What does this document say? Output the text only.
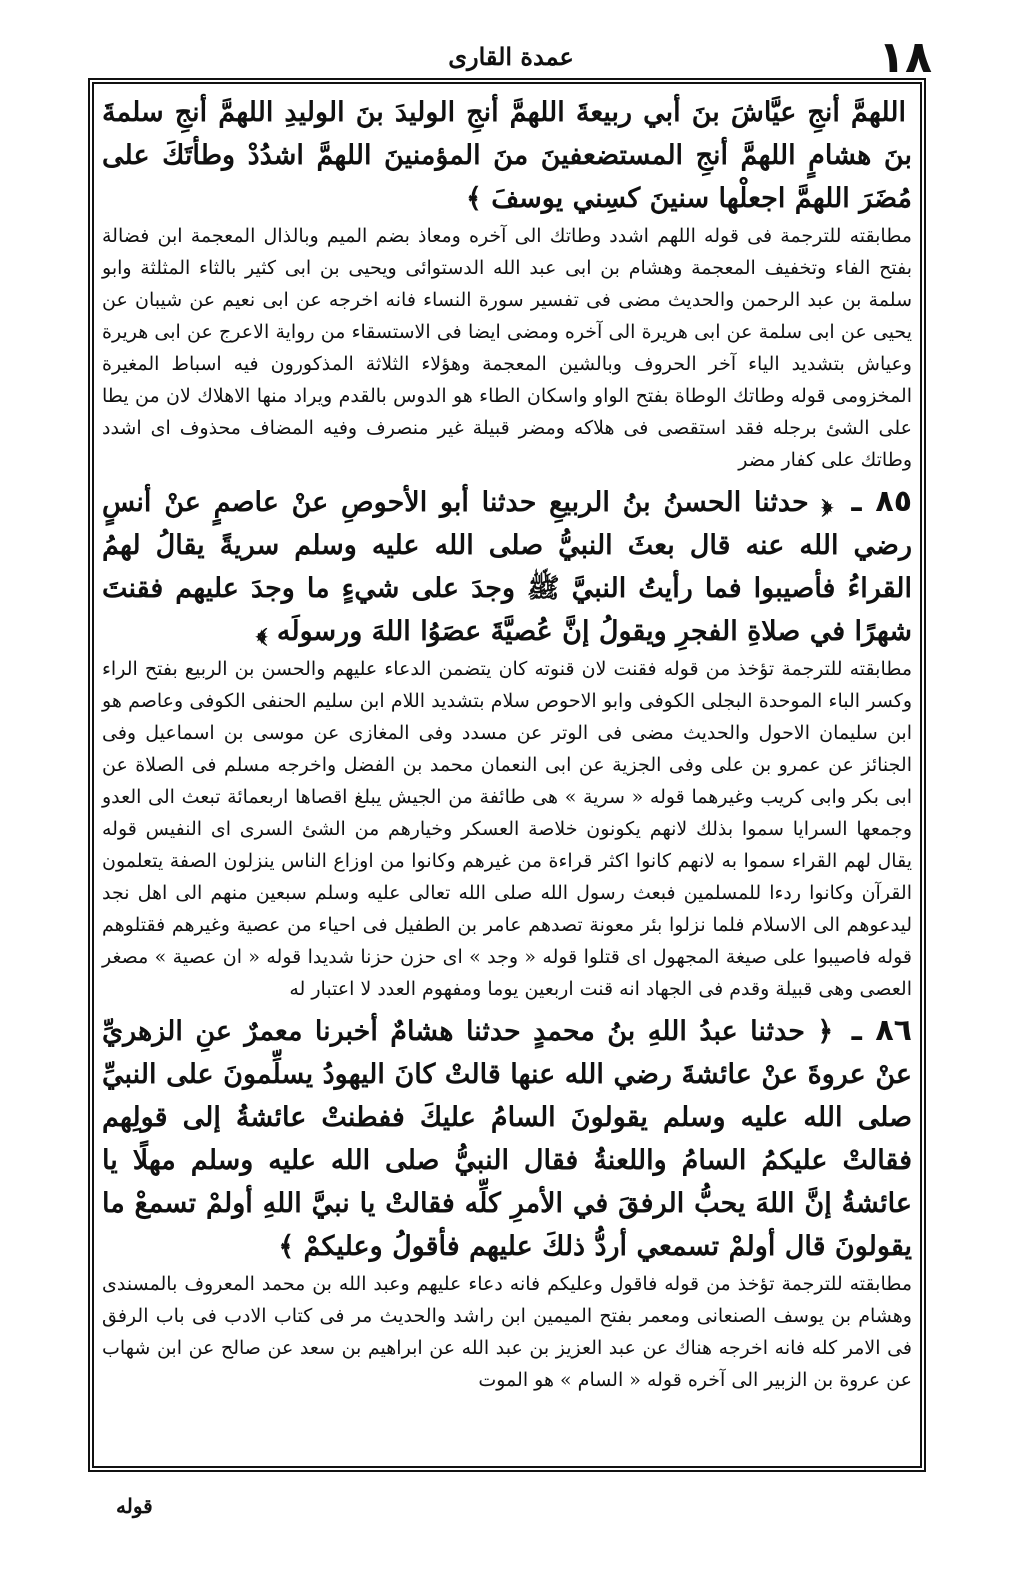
عمدة القارى	١٨

اللهمَّ أنجِ عيَّاشَ بنَ أبي ربيعةَ اللهمَّ أنجِ الوليدَ بنَ الوليدِ اللهمَّ أنجِ سلمةَ بنَ هشامٍ اللهمَّ أنجِ المستضعفينَ منَ المؤمنينَ اللهمَّ اشدُدْ وطأتَكَ على مُضَرَ اللهمَّ اجعلْها سنينَ كسِني يوسفَ ﴾

مطابقته للترجمة فى قوله اللهم اشدد وطاتك الى آخره ومعاذ بضم الميم وبالذال المعجمة ابن فضالة بفتح الفاء وتخفيف المعجمة وهشام بن ابى عبد الله الدستوائى ويحيى بن ابى كثير بالثاء المثلثة وابو سلمة بن عبد الرحمن والحديث مضى فى تفسير سورة النساء فانه اخرجه عن ابى نعيم عن شيبان عن يحيى عن ابى سلمة عن ابى هريرة الى آخره ومضى ايضا فى الاستسقاء من رواية الاعرج عن ابى هريرة وعياش بتشديد الياء آخر الحروف وبالشين المعجمة وهؤلاء الثلاثة المذكورون فيه اسباط المغيرة المخزومى قوله وطاتك الوطاة بفتح الواو واسكان الطاء هو الدوس بالقدم ويراد منها الاهلاك لان من يطا على الشئ برجله فقد استقصى فى هلاكه ومضر قبيلة غير منصرف وفيه المضاف محذوف اى اشدد وطاتك على كفار مضر

٨٥ ـ ﴿ حدثنا الحسنُ بنُ الربيعِ حدثنا أبو الأحوصِ عنْ عاصمٍ عنْ أنسٍ رضي الله عنه قال بعثَ النبيُّ صلى الله عليه وسلم سريةً يقالُ لهمُ القراءُ فأصيبوا فما رأيتُ النبيَّ ﷺ وجدَ على شيءٍ ما وجدَ عليهم فقنتَ شهرًا في صلاةِ الفجرِ ويقولُ إنَّ عُصيَّةَ عصَوُا اللهَ ورسولَه ﴾

مطابقته للترجمة تؤخذ من قوله فقنت لان قنوته كان يتضمن الدعاء عليهم والحسن بن الربيع بفتح الراء وكسر الباء الموحدة البجلى الكوفى وابو الاحوص سلام بتشديد اللام ابن سليم الحنفى الكوفى وعاصم هو ابن سليمان الاحول والحديث مضى فى الوتر عن مسدد وفى المغازى عن موسى بن اسماعيل وفى الجنائز عن عمرو بن على وفى الجزية عن ابى النعمان محمد بن الفضل واخرجه مسلم فى الصلاة عن ابى بكر وابى كريب وغيرهما قوله « سرية » هى طائفة من الجيش يبلغ اقصاها اربعمائة تبعث الى العدو وجمعها السرايا سموا بذلك لانهم يكونون خلاصة العسكر وخيارهم من الشئ السرى اى النفيس قوله يقال لهم القراء سموا به لانهم كانوا اكثر قراءة من غيرهم وكانوا من اوزاع الناس ينزلون الصفة يتعلمون القرآن وكانوا ردءا للمسلمين فبعث رسول الله صلى الله تعالى عليه وسلم سبعين منهم الى اهل نجد ليدعوهم الى الاسلام فلما نزلوا بئر معونة تصدهم عامر بن الطفيل فى احياء من عصية وغيرهم فقتلوهم قوله فاصيبوا على صيغة المجهول اى قتلوا قوله « وجد » اى حزن حزنا شديدا قوله « ان عصية » مصغر العصى وهى قبيلة وقدم فى الجهاد انه قنت اربعين يوما ومفهوم العدد لا اعتبار له

٨٦ ـ ﴿ حدثنا عبدُ اللهِ بنُ محمدٍ حدثنا هشامٌ أخبرنا معمرٌ عنِ الزهريِّ عنْ عروةَ عنْ عائشةَ رضي الله عنها قالتْ كانَ اليهودُ يسلِّمونَ على النبيِّ صلى الله عليه وسلم يقولونَ السامُ عليكَ ففطنتْ عائشةُ إلى قولِهم فقالتْ عليكمُ السامُ واللعنةُ فقال النبيُّ صلى الله عليه وسلم مهلًا يا عائشةُ إنَّ اللهَ يحبُّ الرفقَ في الأمرِ كلِّه فقالتْ يا نبيَّ اللهِ أولمْ تسمعْ ما يقولونَ قال أولمْ تسمعي أردُّ ذلكَ عليهم فأقولُ وعليكمْ ﴾

مطابقته للترجمة تؤخذ من قوله فاقول وعليكم فانه دعاء عليهم وعبد الله بن محمد المعروف بالمسندى وهشام بن يوسف الصنعانى ومعمر بفتح الميمين ابن راشد والحديث مر فى كتاب الادب فى باب الرفق فى الامر كله فانه اخرجه هناك عن عبد العزيز بن عبد الله عن ابراهيم بن سعد عن صالح عن ابن شهاب عن عروة بن الزبير الى آخره قوله « السام » هو الموت

قوله
